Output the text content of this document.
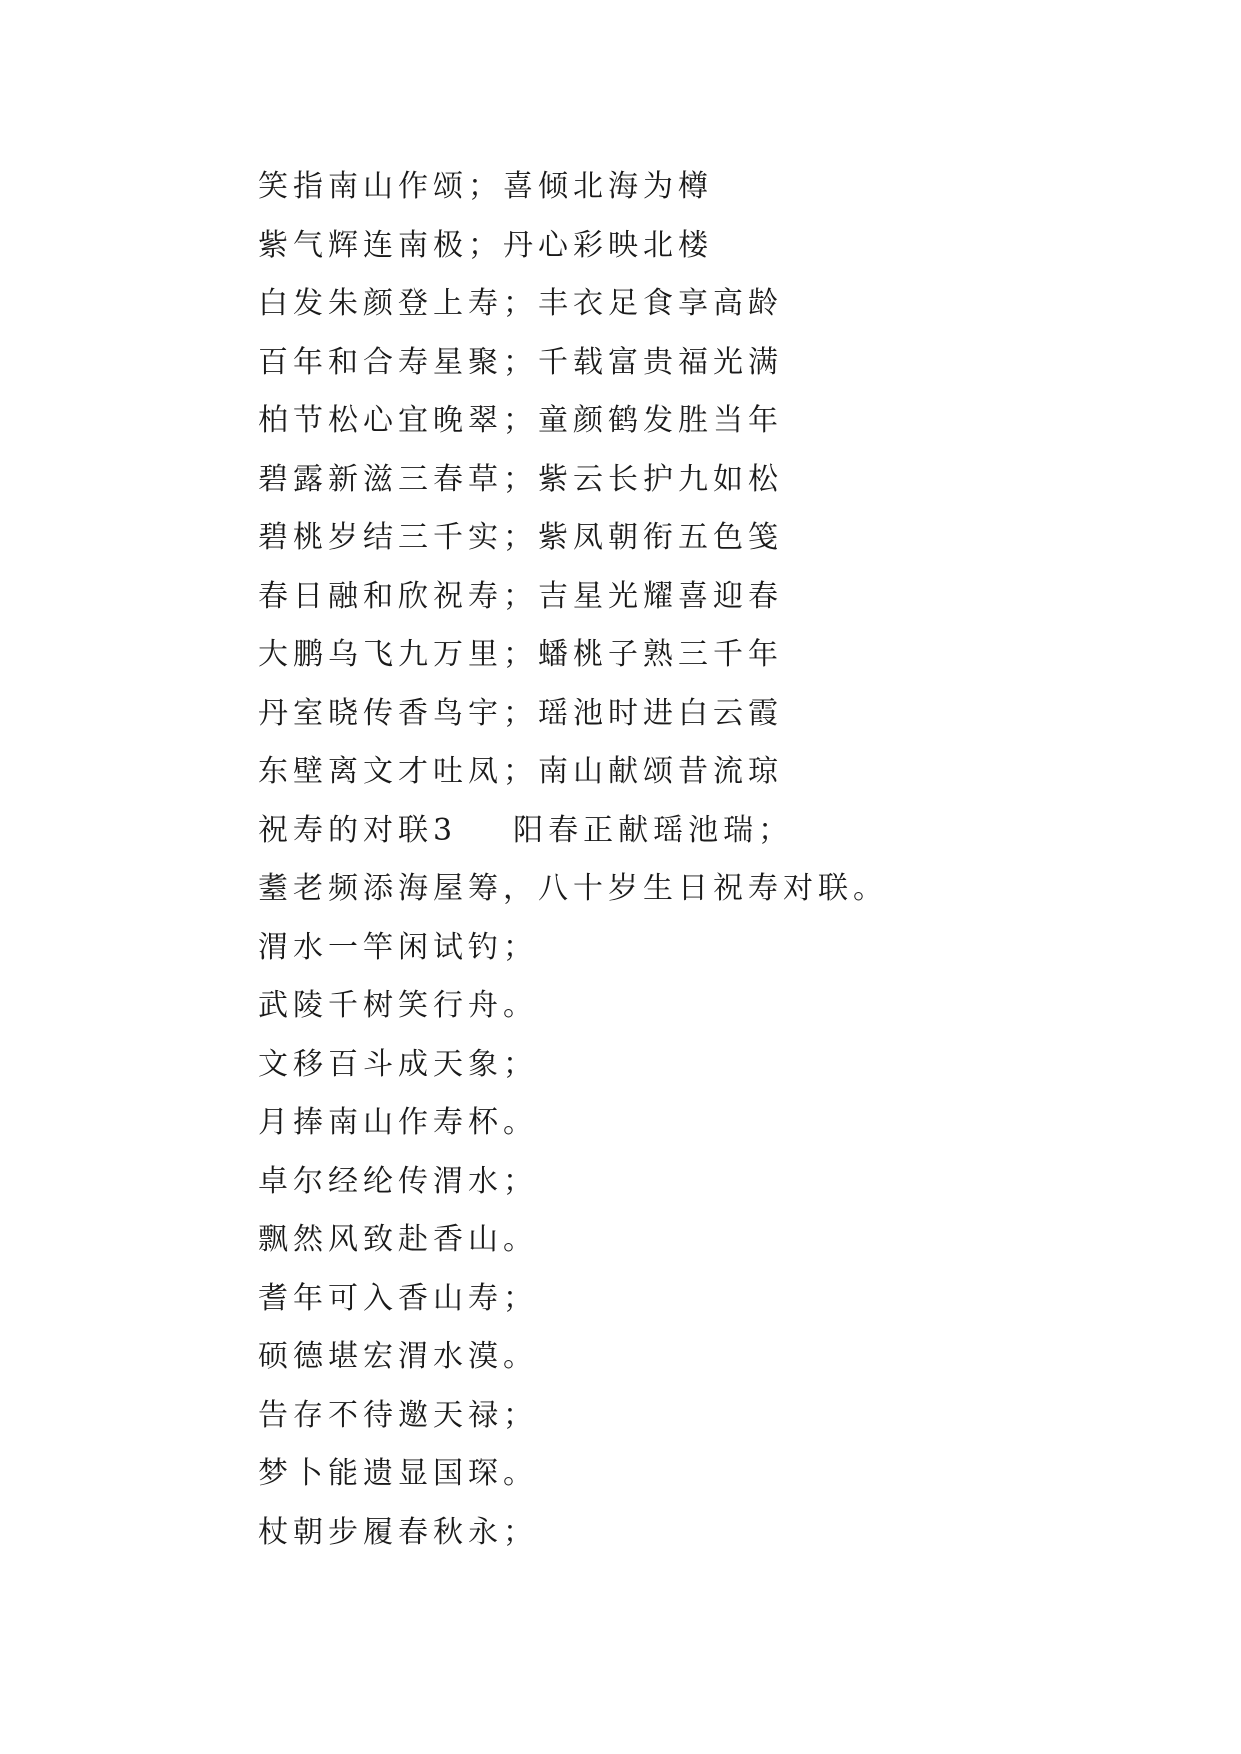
笑指南山作颂；喜倾北海为樽
紫气辉连南极；丹心彩映北楼
白发朱颜登上寿；丰衣足食享高龄
百年和合寿星聚；千载富贵福光满
柏节松心宜晚翠；童颜鹤发胜当年
碧露新滋三春草；紫云长护九如松
碧桃岁结三千实；紫凤朝衔五色笺
春日融和欣祝寿；吉星光耀喜迎春
大鹏乌飞九万里；蟠桃子熟三千年
丹室晓传香鸟宇；瑶池时进白云霞
东壁离文才吐凤；南山献颂昔流琼
祝寿的对联3 阳春正献瑶池瑞；
耋老频添海屋筹，八十岁生日祝寿对联。
渭水一竿闲试钓；
武陵千树笑行舟。
文移百斗成天象；
月捧南山作寿杯。
卓尔经纶传渭水；
飘然风致赴香山。
耆年可入香山寿；
硕德堪宏渭水漠。
告存不待邀天禄；
梦卜能遗显国琛。
杖朝步履春秋永；
